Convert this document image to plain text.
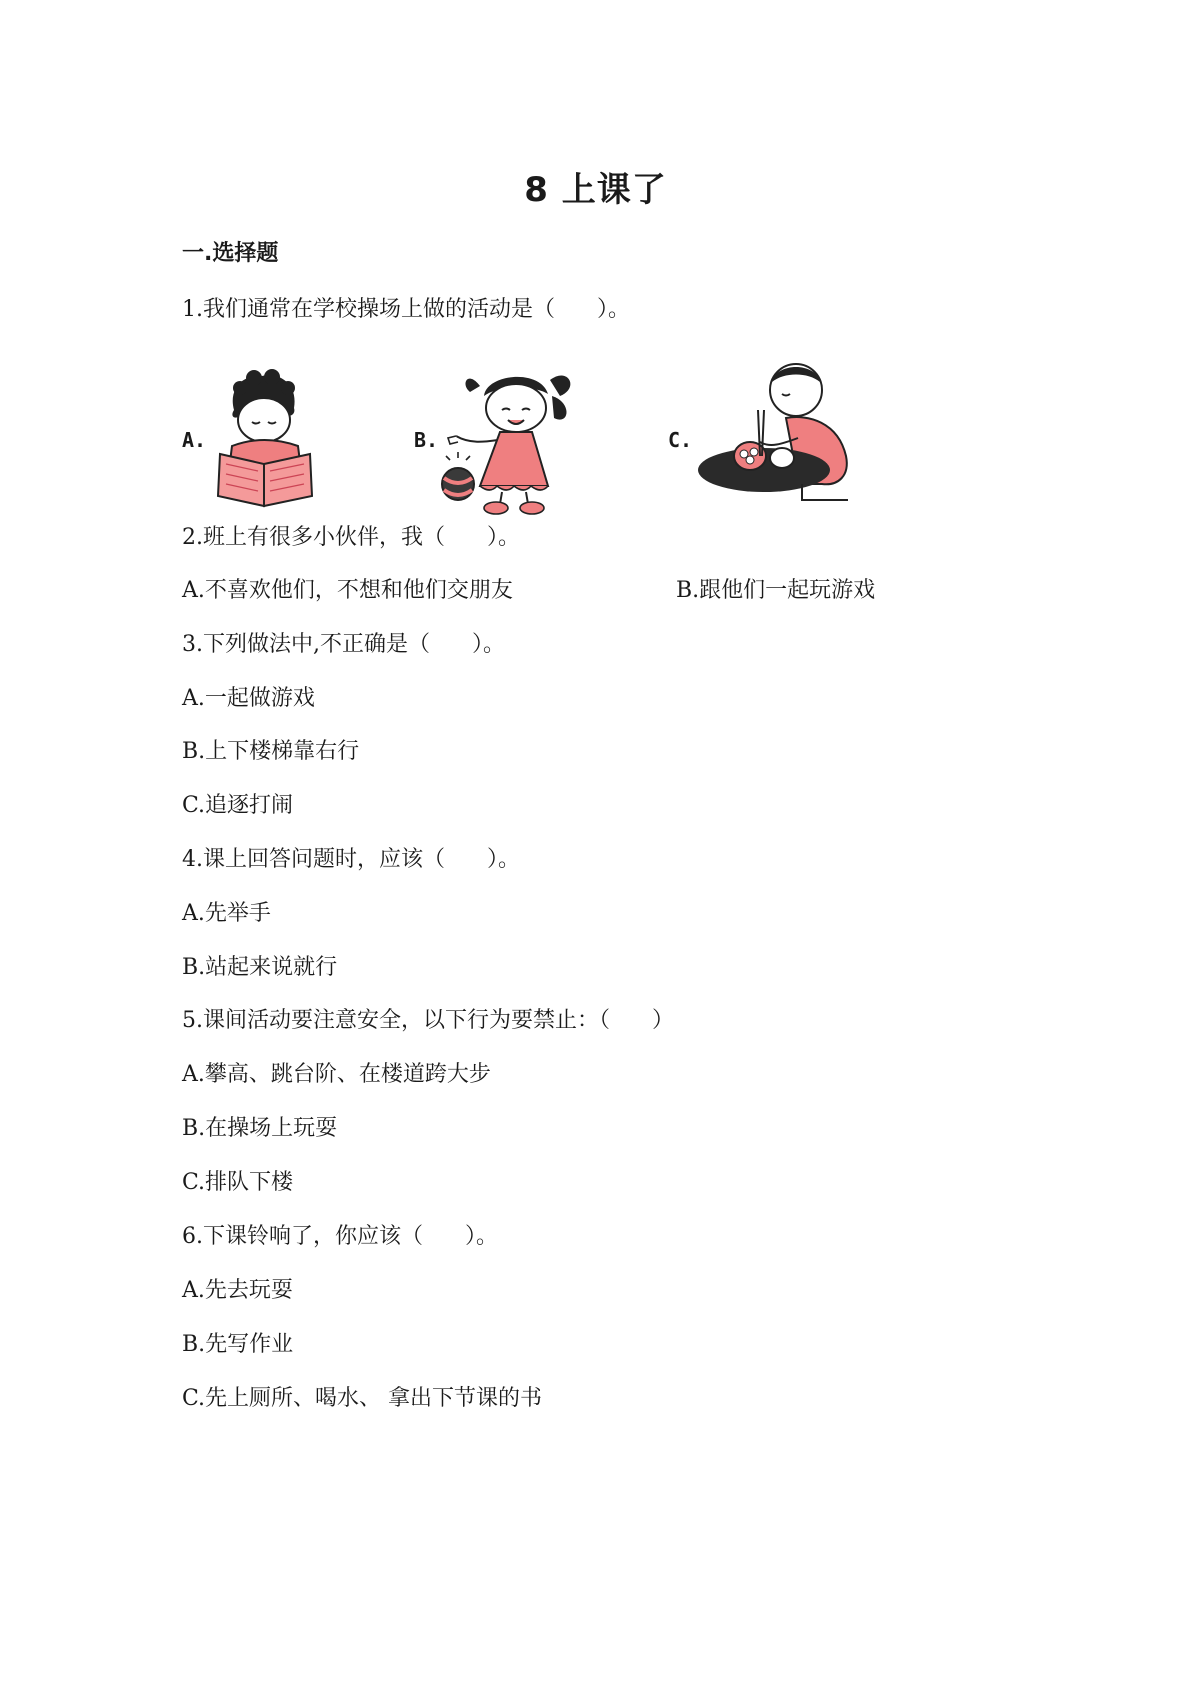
8 上课了
一.选择题
1.我们通常在学校操场上做的活动是（      ）。
A.	B.	C.
2.班上有很多小伙伴，我（      ）。
A.不喜欢他们，不想和他们交朋友	B.跟他们一起玩游戏
3.下列做法中,不正确是（      ）。
A.一起做游戏
B.上下楼梯靠右行
C.追逐打闹
4.课上回答问题时，应该（      ）。
A.先举手
B.站起来说就行
5.课间活动要注意安全，以下行为要禁止：（      ）
A.攀高、跳台阶、在楼道跨大步
B.在操场上玩耍
C.排队下楼
6.下课铃响了，你应该（      ）。
A.先去玩耍
B.先写作业
C.先上厕所、喝水、 拿出下节课的书
